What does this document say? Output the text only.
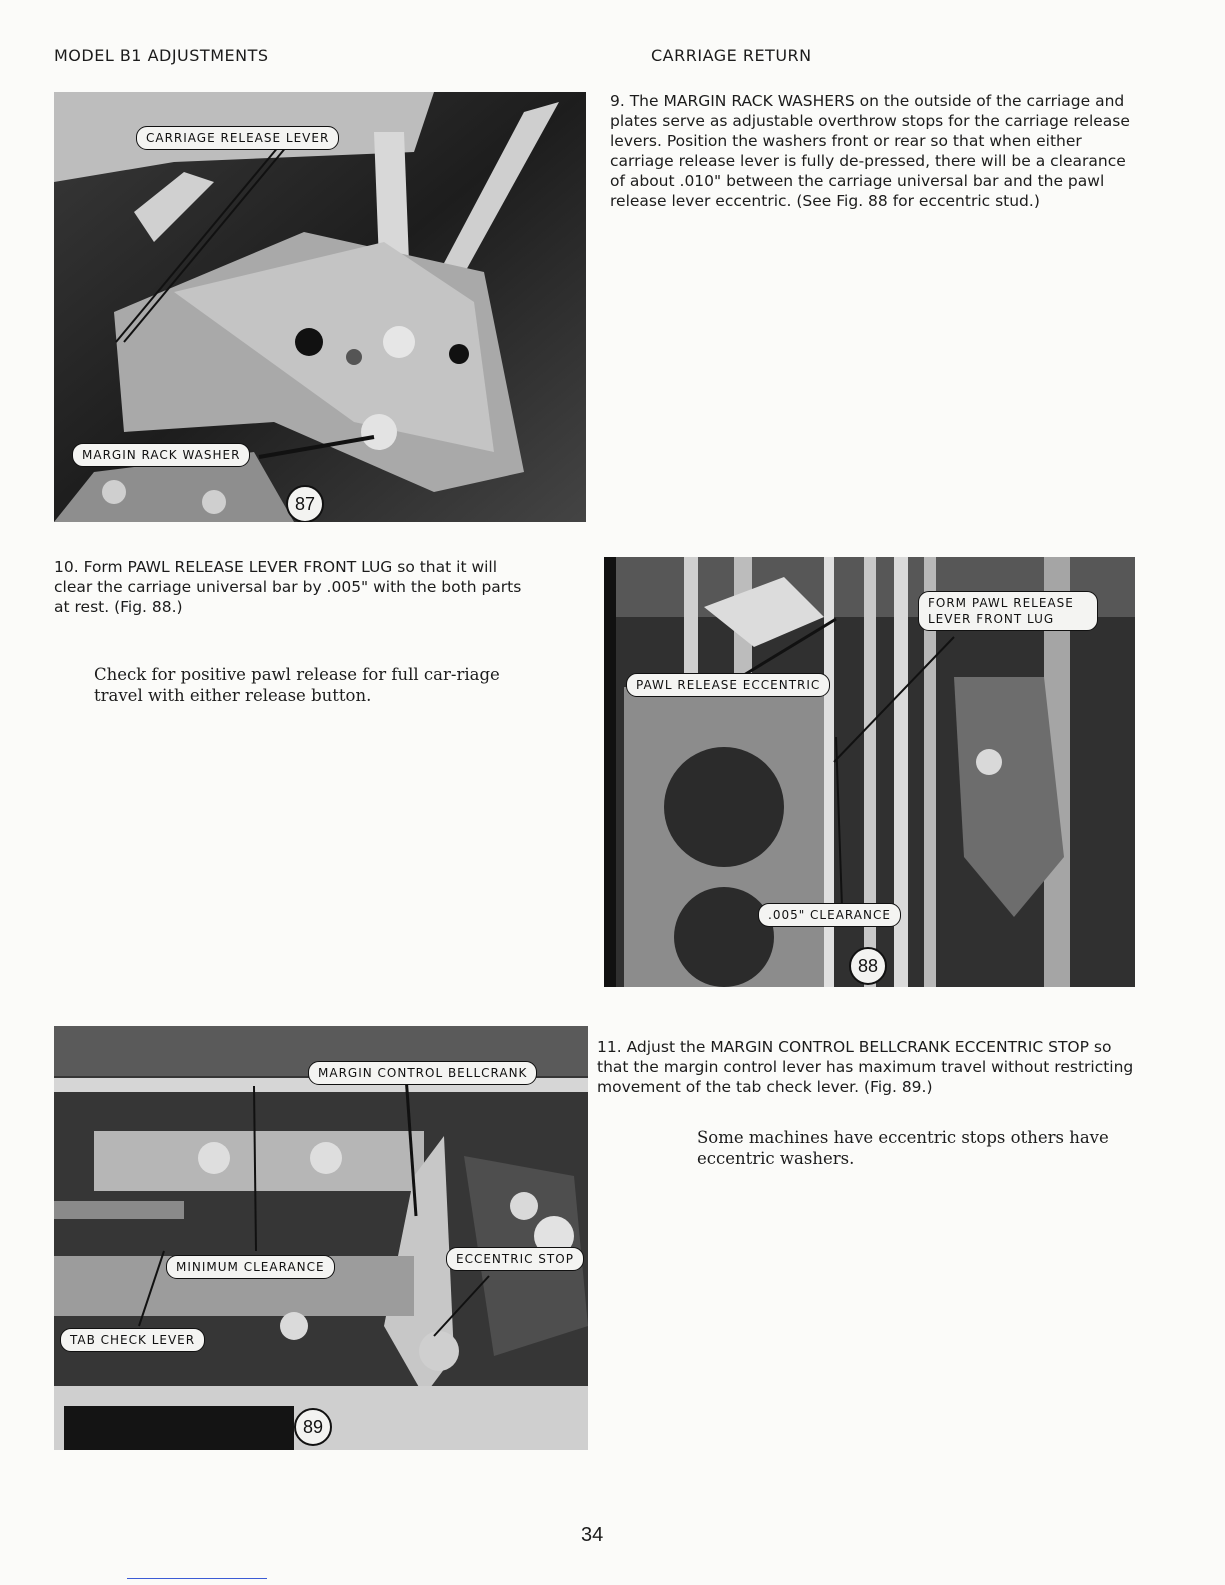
MODEL B1 ADJUSTMENTS	CARRIAGE RETURN
CARRIAGE RELEASE LEVER
MARGIN RACK WASHER
87

9. The MARGIN RACK WASHERS on the outside of the carriage and plates serve as adjustable overthrow stops for the carriage release levers. Position the washers front or rear so that when either carriage release lever is fully de-pressed, there will be a clearance of about .010" between the carriage universal bar and the pawl release lever eccentric. (See Fig. 88 for eccentric stud.)

10. Form PAWL RELEASE LEVER FRONT LUG so that it will clear the carriage universal bar by .005" with the both parts at rest. (Fig. 88.)

Check for positive pawl release for full car-riage travel with either release button.

FORM PAWL RELEASE LEVER FRONT LUG
PAWL RELEASE ECCENTRIC
.005" CLEARANCE
88

11. Adjust the MARGIN CONTROL BELLCRANK ECCENTRIC STOP so that the margin control lever has maximum travel without restricting movement of the tab check lever. (Fig. 89.)

Some machines have eccentric stops others have eccentric washers.

MARGIN CONTROL BELLCRANK
MINIMUM CLEARANCE
ECCENTRIC STOP
TAB CHECK LEVER
89
34
